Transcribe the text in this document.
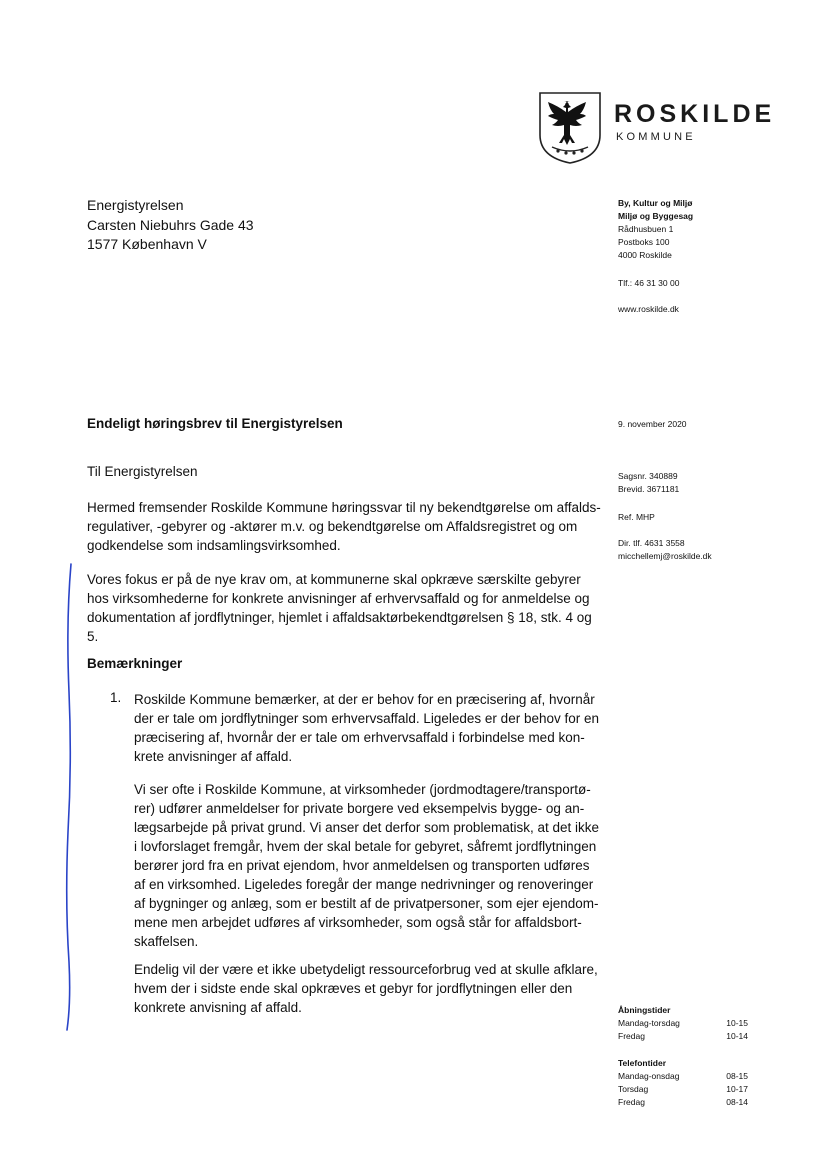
ROSKILDE
KOMMUNE
Energistyrelsen
Carsten Niebuhrs Gade 43
1577 København V
By, Kultur og Miljø
Miljø og Byggesag
Rådhusbuen 1
Postboks 100
4000 Roskilde
Tlf.: 46 31 30 00
www.roskilde.dk
9. november 2020
Sagsnr. 340889
Brevid. 3671181
Ref. MHP
Dir. tlf. 4631 3558
micchellemj@roskilde.dk
Endeligt høringsbrev til Energistyrelsen
Til Energistyrelsen
Hermed fremsender Roskilde Kommune høringssvar til ny bekendtgørelse om affalds-
regulativer, -gebyrer og -aktører m.v. og bekendtgørelse om Affaldsregistret og om
godkendelse som indsamlingsvirksomhed.
Vores fokus er på de nye krav om, at kommunerne skal opkræve særskilte gebyrer
hos virksomhederne for konkrete anvisninger af erhvervsaffald og for anmeldelse og
dokumentation af jordflytninger, hjemlet i affaldsaktørbekendtgørelsen § 18, stk. 4 og
5.
Bemærkninger
1. Roskilde Kommune bemærker, at der er behov for en præcisering af, hvornår
der er tale om jordflytninger som erhvervsaffald. Ligeledes er der behov for en
præcisering af, hvornår der er tale om erhvervsaffald i forbindelse med kon-
krete anvisninger af affald.
Vi ser ofte i Roskilde Kommune, at virksomheder (jordmodtagere/transportø-
rer) udfører anmeldelser for private borgere ved eksempelvis bygge- og an-
lægsarbejde på privat grund. Vi anser det derfor som problematisk, at det ikke
i lovforslaget fremgår, hvem der skal betale for gebyret, såfremt jordflytningen
berører jord fra en privat ejendom, hvor anmeldelsen og transporten udføres
af en virksomhed. Ligeledes foregår der mange nedrivninger og renoveringer
af bygninger og anlæg, som er bestilt af de privatpersoner, som ejer ejendom-
mene men arbejdet udføres af virksomheder, som også står for affaldsbort-
skaffelsen.
Endelig vil der være et ikke ubetydeligt ressourceforbrug ved at skulle afklare,
hvem der i sidste ende skal opkræves et gebyr for jordflytningen eller den
konkrete anvisning af affald.	Åbningstider
Mandag-torsdag	10-15
Fredag	10-14
Telefontider
Mandag-onsdag	08-15
Torsdag	10-17
Fredag	08-14
